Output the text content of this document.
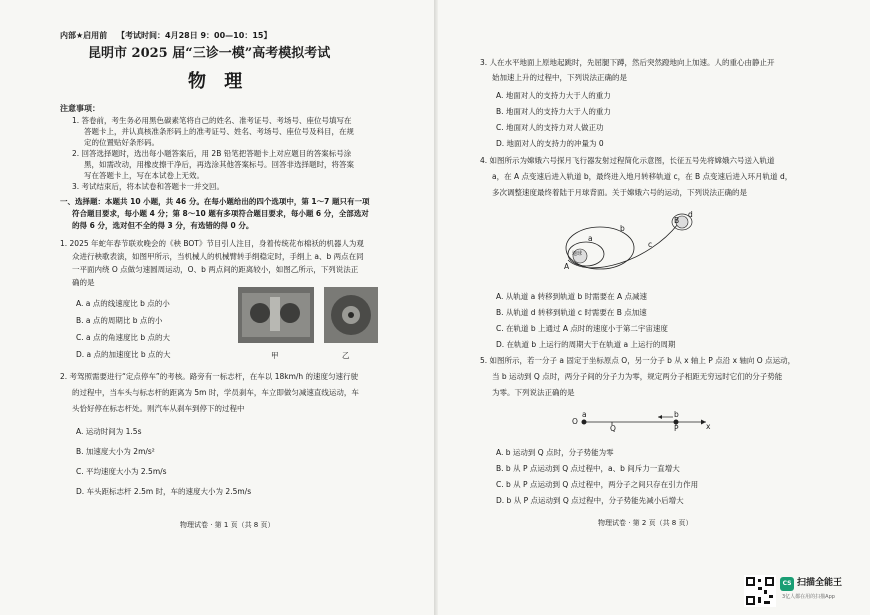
内部★启用前 【考试时间：4月28日 9：00—10：15】
昆明市 2025 届“三诊一模”高考模拟考试
物 理
注意事项：
1. 答卷前，考生务必用黑色碳素笔将自己的姓名、准考证号、考场号、座位号填写在
答题卡上，并认真核准条形码上的准考证号、姓名、考场号、座位号及科目，在规
定的位置贴好条形码。
2. 回答选择题时，选出每小题答案后，用 2B 铅笔把答题卡上对应题目的答案标号涂
黑，如需改动，用橡皮擦干净后，再选涂其他答案标号。回答非选择题时，将答案
写在答题卡上，写在本试卷上无效。
3. 考试结束后，将本试卷和答题卡一并交回。
一、选择题：本题共 10 小题，共 46 分。在每小题给出的四个选项中，第 1～7 题只有一项
符合题目要求，每小题 4 分；第 8～10 题有多项符合题目要求，每小题 6 分，全部选对
的得 6 分，选对但不全的得 3 分，有选错的得 0 分。
1. 2025 年蛇年春节联欢晚会的《秧 BOT》节目引人注目，身着传统花布棉袄的机器人为观
众进行秧歌表演，如图甲所示，当机械人的机械臂转手绢稳定时，手绢上 a、b 两点在同
一平面内绕 O 点做匀速圆周运动，O、b 两点间的距离较小，如图乙所示，下列说法正
确的是
A. a 点的线速度比 b 点的小
B. a 点的周期比 b 点的小
C. a 点的角速度比 b 点的大
D. a 点的加速度比 b 点的大	甲	乙
2. 考驾照需要进行“定点停车”的考核。路旁有一标志杆，在车以 18km/h 的速度匀速行驶
的过程中，当车头与标志杆的距离为 5m 时，学员刹车，车立即做匀减速直线运动，车
头恰好停在标志杆处。则汽车从刹车到停下的过程中
A. 运动时间为 1.5s
B. 加速度大小为 2m/s²
C. 平均速度大小为 2.5m/s
D. 车头距标志杆 2.5m 时，车的速度大小为 2.5m/s
物理试卷 · 第 1 页（共 8 页）
3. 人在水平地面上原地起跳时，先屈腿下蹲，然后突然蹬地向上加速。人的重心由静止开
始加速上升的过程中，下列说法正确的是
A. 地面对人的支持力大于人的重力
B. 地面对人的支持力大于人的重力
C. 地面对人的支持力对人做正功
D. 地面对人的支持力的冲量为 0
4. 如图所示为嫦娥六号探月飞行器发射过程简化示意图，长征五号先将嫦娥六号送入轨道
a，在 A 点变速后进入轨道 b，最终进入地月转移轨道 c，在 B 点变速后进入环月轨道 d，
多次调整速度最终着陆于月球背面。关于嫦娥六号的运动，下列说法正确的是
地球
A
a
b
c
B
d
A. 从轨道 a 转移到轨道 b 时需要在 A 点减速
B. 从轨道 d 转移到轨道 c 时需要在 B 点加速
C. 在轨道 b 上通过 A 点时的速度小于第二宇宙速度
D. 在轨道 b 上运行的周期大于在轨道 a 上运行的周期
5. 如图所示，若一分子 a 固定于坐标原点 O，另一分子 b 从 x 轴上 P 点沿 x 轴向 O 点运动，
当 b 运动到 Q 点时，两分子间的分子力为零，规定两分子相距无穷远时它们的分子势能
为零。下列说法正确的是
O
a
Q
b
P	x
A. b 运动到 Q 点时，分子势能为零
B. b 从 P 点运动到 Q 点过程中，a、b 间斥力一直增大
C. b 从 P 点运动到 Q 点过程中，两分子之间只存在引力作用
D. b 从 P 点运动到 Q 点过程中，分子势能先减小后增大
物理试卷 · 第 2 页（共 8 页）
CS 扫描全能王
3亿人都在用的扫描App
